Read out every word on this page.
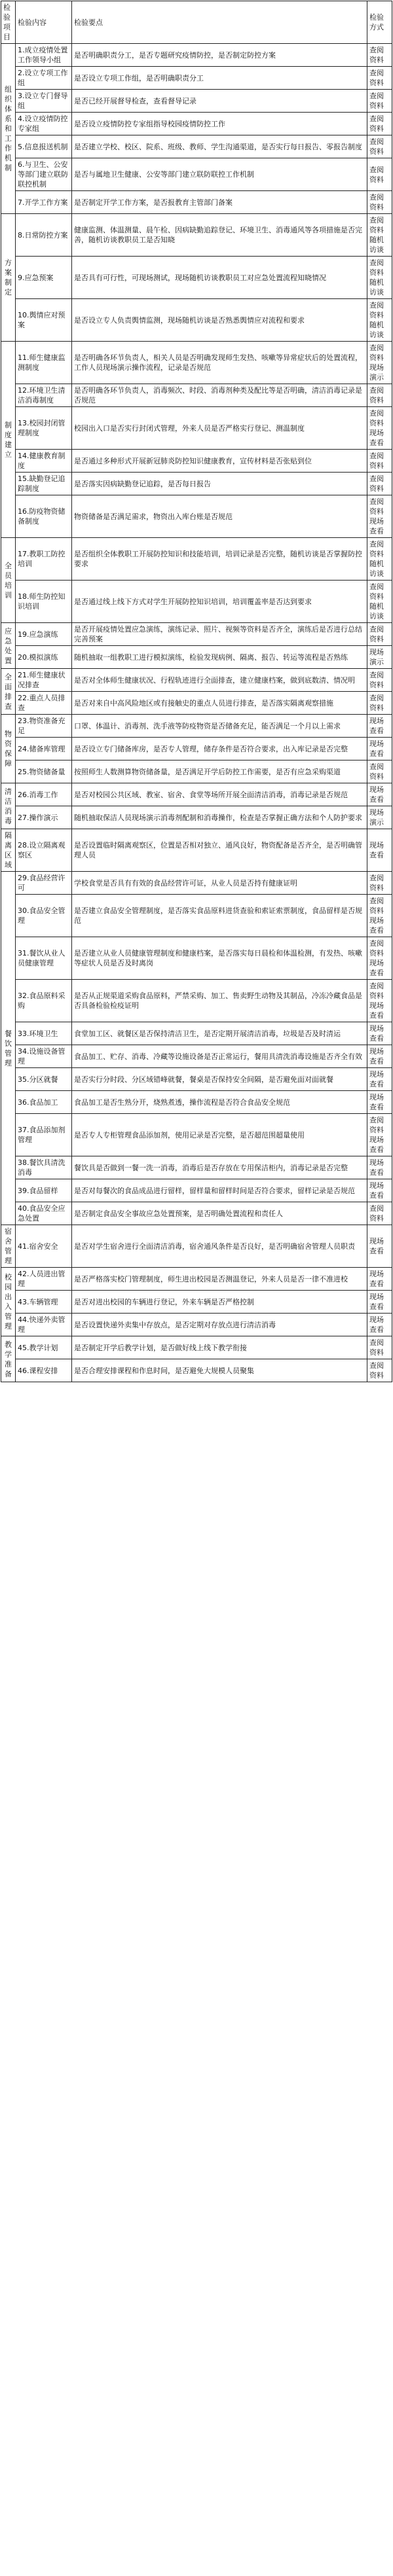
检验项目	检验内容	检验要点	检验方式
组织体系和工作机制	1.成立疫情处置工作领导小组	是否明确职责分工，是否专题研究疫情防控，是否制定防控方案	查阅资料
	2.设立专项工作组	是否设立专项工作组，是否明确职责分工	查阅资料
	3.设立专门督导组	是否已经开展督导检查，查看督导记录	查阅资料
	4.设立疫情防控专家组	是否设立疫情防控专家组指导校园疫情防控工作	查阅资料
	5.信息报送机制	是否建立学校、校区、院系、班级、教师、学生沟通渠道，是否实行每日报告、零报告制度	查阅资料
	6.与卫生、公安等部门建立联防联控机制	是否与属地卫生健康、公安等部门建立联防联控工作机制	查阅资料
	7.开学工作方案	是否制定开学工作方案，是否报教育主管部门备案	查阅资料
方案制定	8.日常防控方案	健康监测、体温测量、晨午检、因病缺勤追踪登记、环境卫生、消毒通风等各项措施是否完善，随机访谈教职员工是否知晓	查阅资料随机访谈
	9.应急预案	是否具有可行性，可现场测试，现场随机访谈教职员工对应急处置流程知晓情况	查阅资料随机访谈
	10.舆情应对预案	是否设立专人负责舆情监测，现场随机访谈是否熟悉舆情应对流程和要求	查阅资料随机访谈
制度建立	11.师生健康监测制度	是否明确各环节负责人，相关人员是否明确发现师生发热、咳嗽等异常症状后的处置流程，工作人员现场演示操作流程，记录是否规范	查阅资料现场演示
	12.环境卫生清洁消毒制度	是否明确各环节负责人，消毒频次、时段、消毒剂种类及配比等是否明确，清洁消毒记录是否规范	查阅资料
	13.校园封闭管理制度	校园出入口是否实行封闭式管理，外来人员是否严格实行登记、测温制度	查阅资料现场查看
	14.健康教育制度	是否通过多种形式开展新冠肺炎防控知识健康教育，宣传材料是否张贴到位	查阅资料
	15.缺勤登记追踪制度	是否落实因病缺勤登记追踪，是否每日报告	查阅资料
	16.防疫物资储备制度	物资储备是否满足需求，物资出入库台账是否规范	查阅资料现场查看
全员培训	17.教职工防控培训	是否组织全体教职工开展防控知识和技能培训，培训记录是否完整，随机访谈是否掌握防控要求	查阅资料随机访谈
	18.师生防控知识培训	是否通过线上线下方式对学生开展防控知识培训，培训覆盖率是否达到要求	查阅资料随机访谈
应急处置	19.应急演练	是否开展疫情处置应急演练，演练记录、照片、视频等资料是否齐全，演练后是否进行总结完善预案	查阅资料
	20.模拟演练	随机抽取一组教职工进行模拟演练，检验发现病例、隔离、报告、转运等流程是否熟练	现场演示
全面排查	21.师生健康状况排查	是否对全体师生健康状况、行程轨迹进行全面排查，建立健康档案，做到底数清、情况明	查阅资料
	22.重点人员排查	是否对来自中高风险地区或有接触史的重点人员进行排查，是否落实隔离观察措施	查阅资料
物资保障	23.物资准备充足	口罩、体温计、消毒剂、洗手液等防疫物资是否储备充足，能否满足一个月以上需求	现场查看
	24.储备库管理	是否设立专门储备库房，是否专人管理，储存条件是否符合要求，出入库记录是否完整	现场查看
	25.物资储备量	按照师生人数测算物资储备量，是否满足开学后防控工作需要，是否有应急采购渠道	查阅资料
清洁消毒	26.消毒工作	是否对校园公共区域、教室、宿舍、食堂等场所开展全面清洁消毒，消毒记录是否规范	现场查看
	27.操作演示	随机抽取保洁人员现场演示消毒剂配制和消毒操作，检查是否掌握正确方法和个人防护要求	现场演示
隔离区域	28.设立隔离观察区	是否设置临时隔离观察区，位置是否相对独立、通风良好，物资配备是否齐全，是否明确管理人员	现场查看
餐饮管理	29.食品经营许可	学校食堂是否具有有效的食品经营许可证，从业人员是否持有健康证明	查阅资料
	30.食品安全管理	是否建立食品安全管理制度，是否落实食品原料进货查验和索证索票制度，食品留样是否规范	查阅资料现场查看
	31.餐饮从业人员健康管理	是否建立从业人员健康管理制度和健康档案，是否落实每日晨检和体温检测，有发热、咳嗽等症状人员是否及时离岗	查阅资料现场查看
	32.食品原料采购	是否从正规渠道采购食品原料，严禁采购、加工、售卖野生动物及其制品，冷冻冷藏食品是否具备检验检疫证明	查阅资料现场查看
	33.环境卫生	食堂加工区、就餐区是否保持清洁卫生，是否定期开展清洁消毒，垃圾是否及时清运	现场查看
	34.设施设备管理	食品加工、贮存、消毒、冷藏等设施设备是否正常运行，餐用具清洗消毒设施是否齐全有效	现场查看
	35.分区就餐	是否实行分时段、分区域错峰就餐，餐桌是否保持安全间隔，是否避免面对面就餐	现场查看
	36.食品加工	食品加工是否生熟分开，烧熟煮透，操作流程是否符合食品安全规范	现场查看
	37.食品添加剂管理	是否专人专柜管理食品添加剂，使用记录是否完整，是否超范围超量使用	查阅资料现场查看
	38.餐饮具清洗消毒	餐饮具是否做到一餐一洗一消毒，消毒后是否存放在专用保洁柜内，消毒记录是否完整	现场查看
	39.食品留样	是否对每餐次的食品成品进行留样，留样量和留样时间是否符合要求，留样记录是否规范	现场查看
	40.食品安全应急处置	是否制定食品安全事故应急处置预案，是否明确处置流程和责任人	查阅资料
宿舍管理	41.宿舍安全	是否对学生宿舍进行全面清洁消毒，宿舍通风条件是否良好，是否明确宿舍管理人员职责	现场查看
校园出入管理	42.人员进出管理	是否严格落实校门管理制度，师生进出校园是否测温登记，外来人员是否一律不准进校	现场查看
	43.车辆管理	是否对进出校园的车辆进行登记，外来车辆是否严格控制	现场查看
	44.快递外卖管理	是否设置快递外卖集中存放点，是否定期对存放点进行清洁消毒	现场查看
教学准备	45.教学计划	是否制定开学后教学计划，是否做好线上线下教学衔接	查阅资料
	46.课程安排	是否合理安排课程和作息时间，是否避免大规模人员聚集	查阅资料
